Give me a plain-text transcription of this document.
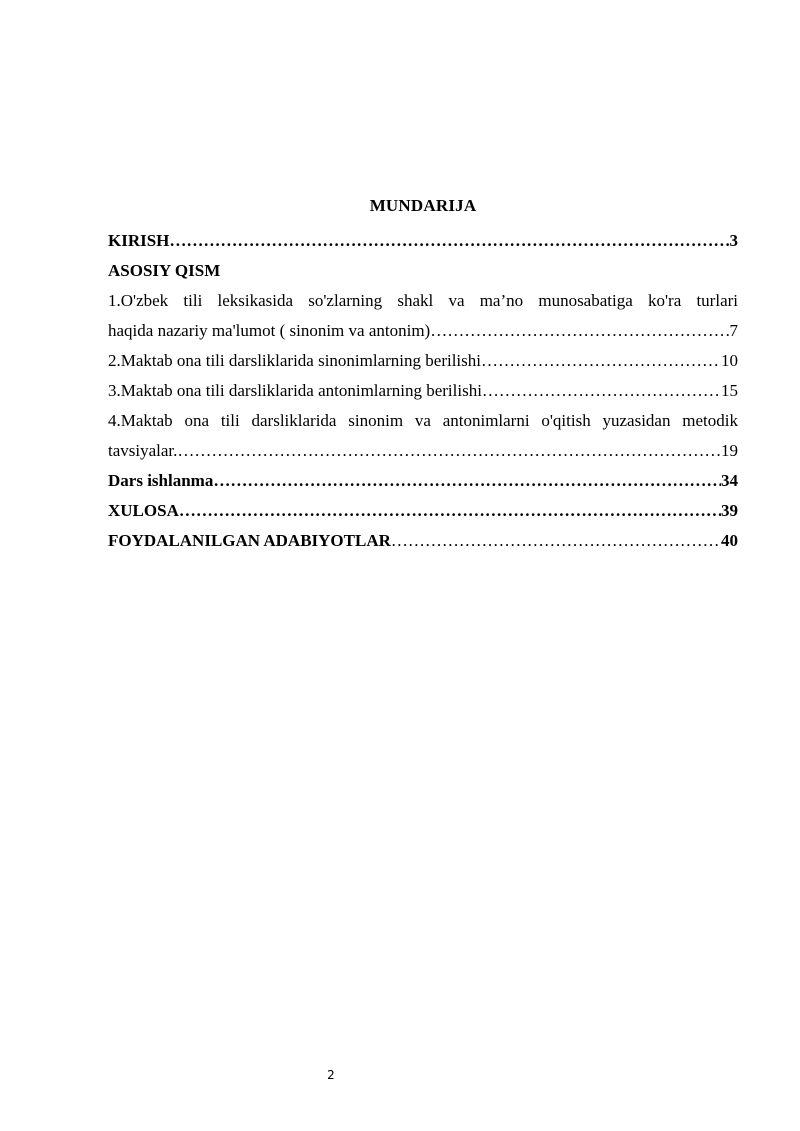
MUNDARIJA
KIRISH ………………………………………………………………………………………………………………………………………………………………………………………	3
ASOSIY QISM
1.O'zbek tili leksikasida so'zlarning shakl va ma’no munosabatiga ko'ra turlari
haqida nazariy ma'lumot ( sinonim va antonim) ………………………………………………………………………………………………………………………………………………………………………………………	7
2.Maktab ona tili darsliklarida sinonimlarning berilishi ………………………………………………………………………………………………………………………………………………………………………………………	10
3.Maktab ona tili darsliklarida antonimlarning berilishi ………………………………………………………………………………………………………………………………………………………………………………………	15
4.Maktab ona tili darsliklarida sinonim va antonimlarni o'qitish yuzasidan metodik
tavsiyalar. ………………………………………………………………………………………………………………………………………………………………………………………	19
Dars ishlanma ………………………………………………………………………………………………………………………………………………………………………………………	34
XULOSA ………………………………………………………………………………………………………………………………………………………………………………………	39
FOYDALANILGAN ADABIYOTLAR ………………………………………………………………………………………………………………………………………………………………………………………	40
2
